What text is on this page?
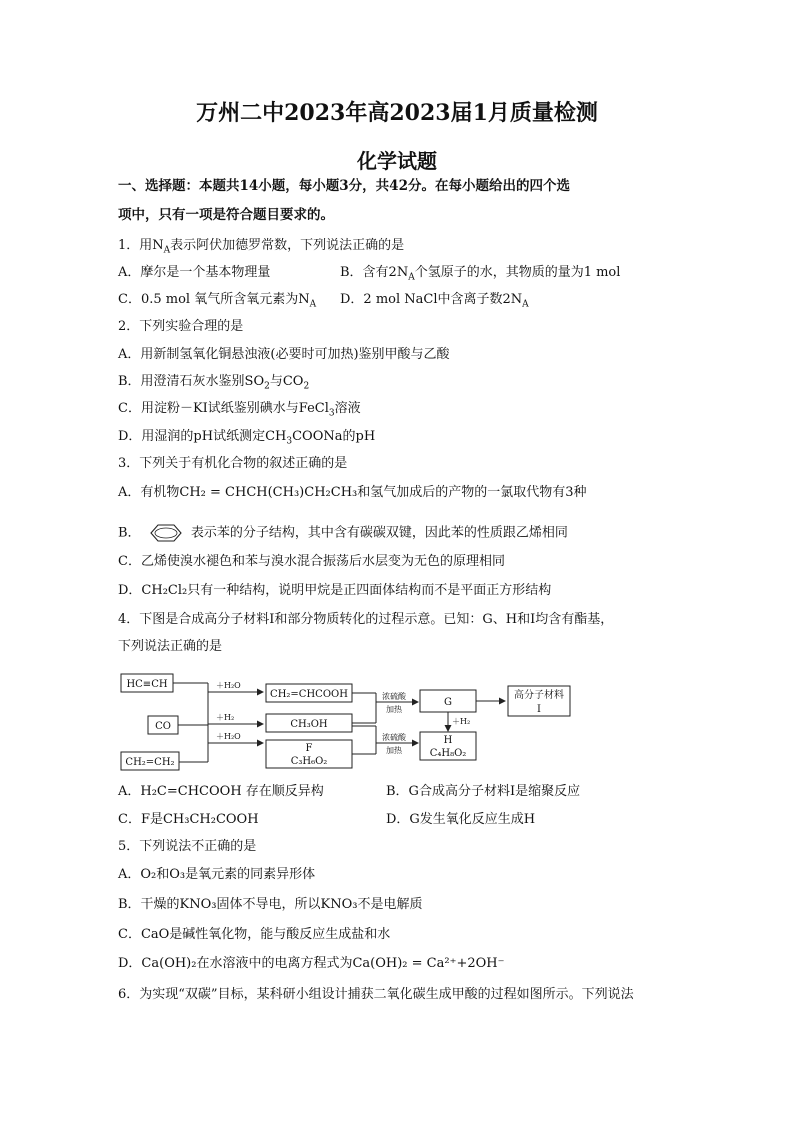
万州二中2023年高2023届1月质量检测
化学试题
一、选择题：本题共14小题，每小题3分，共42分。在每小题给出的四个选
项中，只有一项是符合题目要求的。
1．用$N_A$表示阿伏加德罗常数，下列说法正确的是
A．摩尔是一个基本物理量	B．含有$2N_A$个氢原子的水，其物质的量为1 mol
C．0.5 mol 氧气所含氧元素为$N_A$ D．2 mol NaCl中含离子数$2N_A$
2．下列实验合理的是
A．用新制氢氧化铜悬浊液(必要时可加热)鉴别甲酸与乙酸
B．用澄清石灰水鉴别$SO_2$与$CO_2$
C．用淀粉－KI试纸鉴别碘水与FeCl$_3$溶液
D．用湿润的pH试纸测定$CH_3COONa$的pH
3．下列关于有机化合物的叙述正确的是
A．有机物CH₂ = CHCH(CH₃)CH₂CH₃和氢气加成后的产物的一氯取代物有3种
B．	表示苯的分子结构，其中含有碳碳双键，因此苯的性质跟乙烯相同
C．乙烯使溴水褪色和苯与溴水混合振荡后水层变为无色的原理相同
D．CH₂Cl₂只有一种结构，说明甲烷是正四面体结构而不是平面正方形结构
4．下图是合成高分子材料I和部分物质转化的过程示意。已知：G、H和I均含有酯基，
下列说法正确的是
HC≡CH
CO
CH₂=CH₂
＋H₂O
＋H₂
＋H₂O
CH₂=CHCOOH
CH₃OH
F
C₃H₆O₂
浓硫酸
加热
浓硫酸
加热
G
＋H₂
H
C₄H₈O₂
高分子材料
I
A．H₂C=CHCOOH 存在顺反异构	B．G合成高分子材料I是缩聚反应
C．F是CH₃CH₂COOH	D．G发生氧化反应生成H
5．下列说法不正确的是
A．O₂和O₃是氧元素的同素异形体
B．干燥的KNO₃固体不导电，所以KNO₃不是电解质
C．CaO是碱性氧化物，能与酸反应生成盐和水
D．Ca(OH)₂在水溶液中的电离方程式为Ca(OH)₂ = Ca²⁺+2OH⁻
6．为实现“双碳”目标，某科研小组设计捕获二氧化碳生成甲酸的过程如图所示。下列说法
